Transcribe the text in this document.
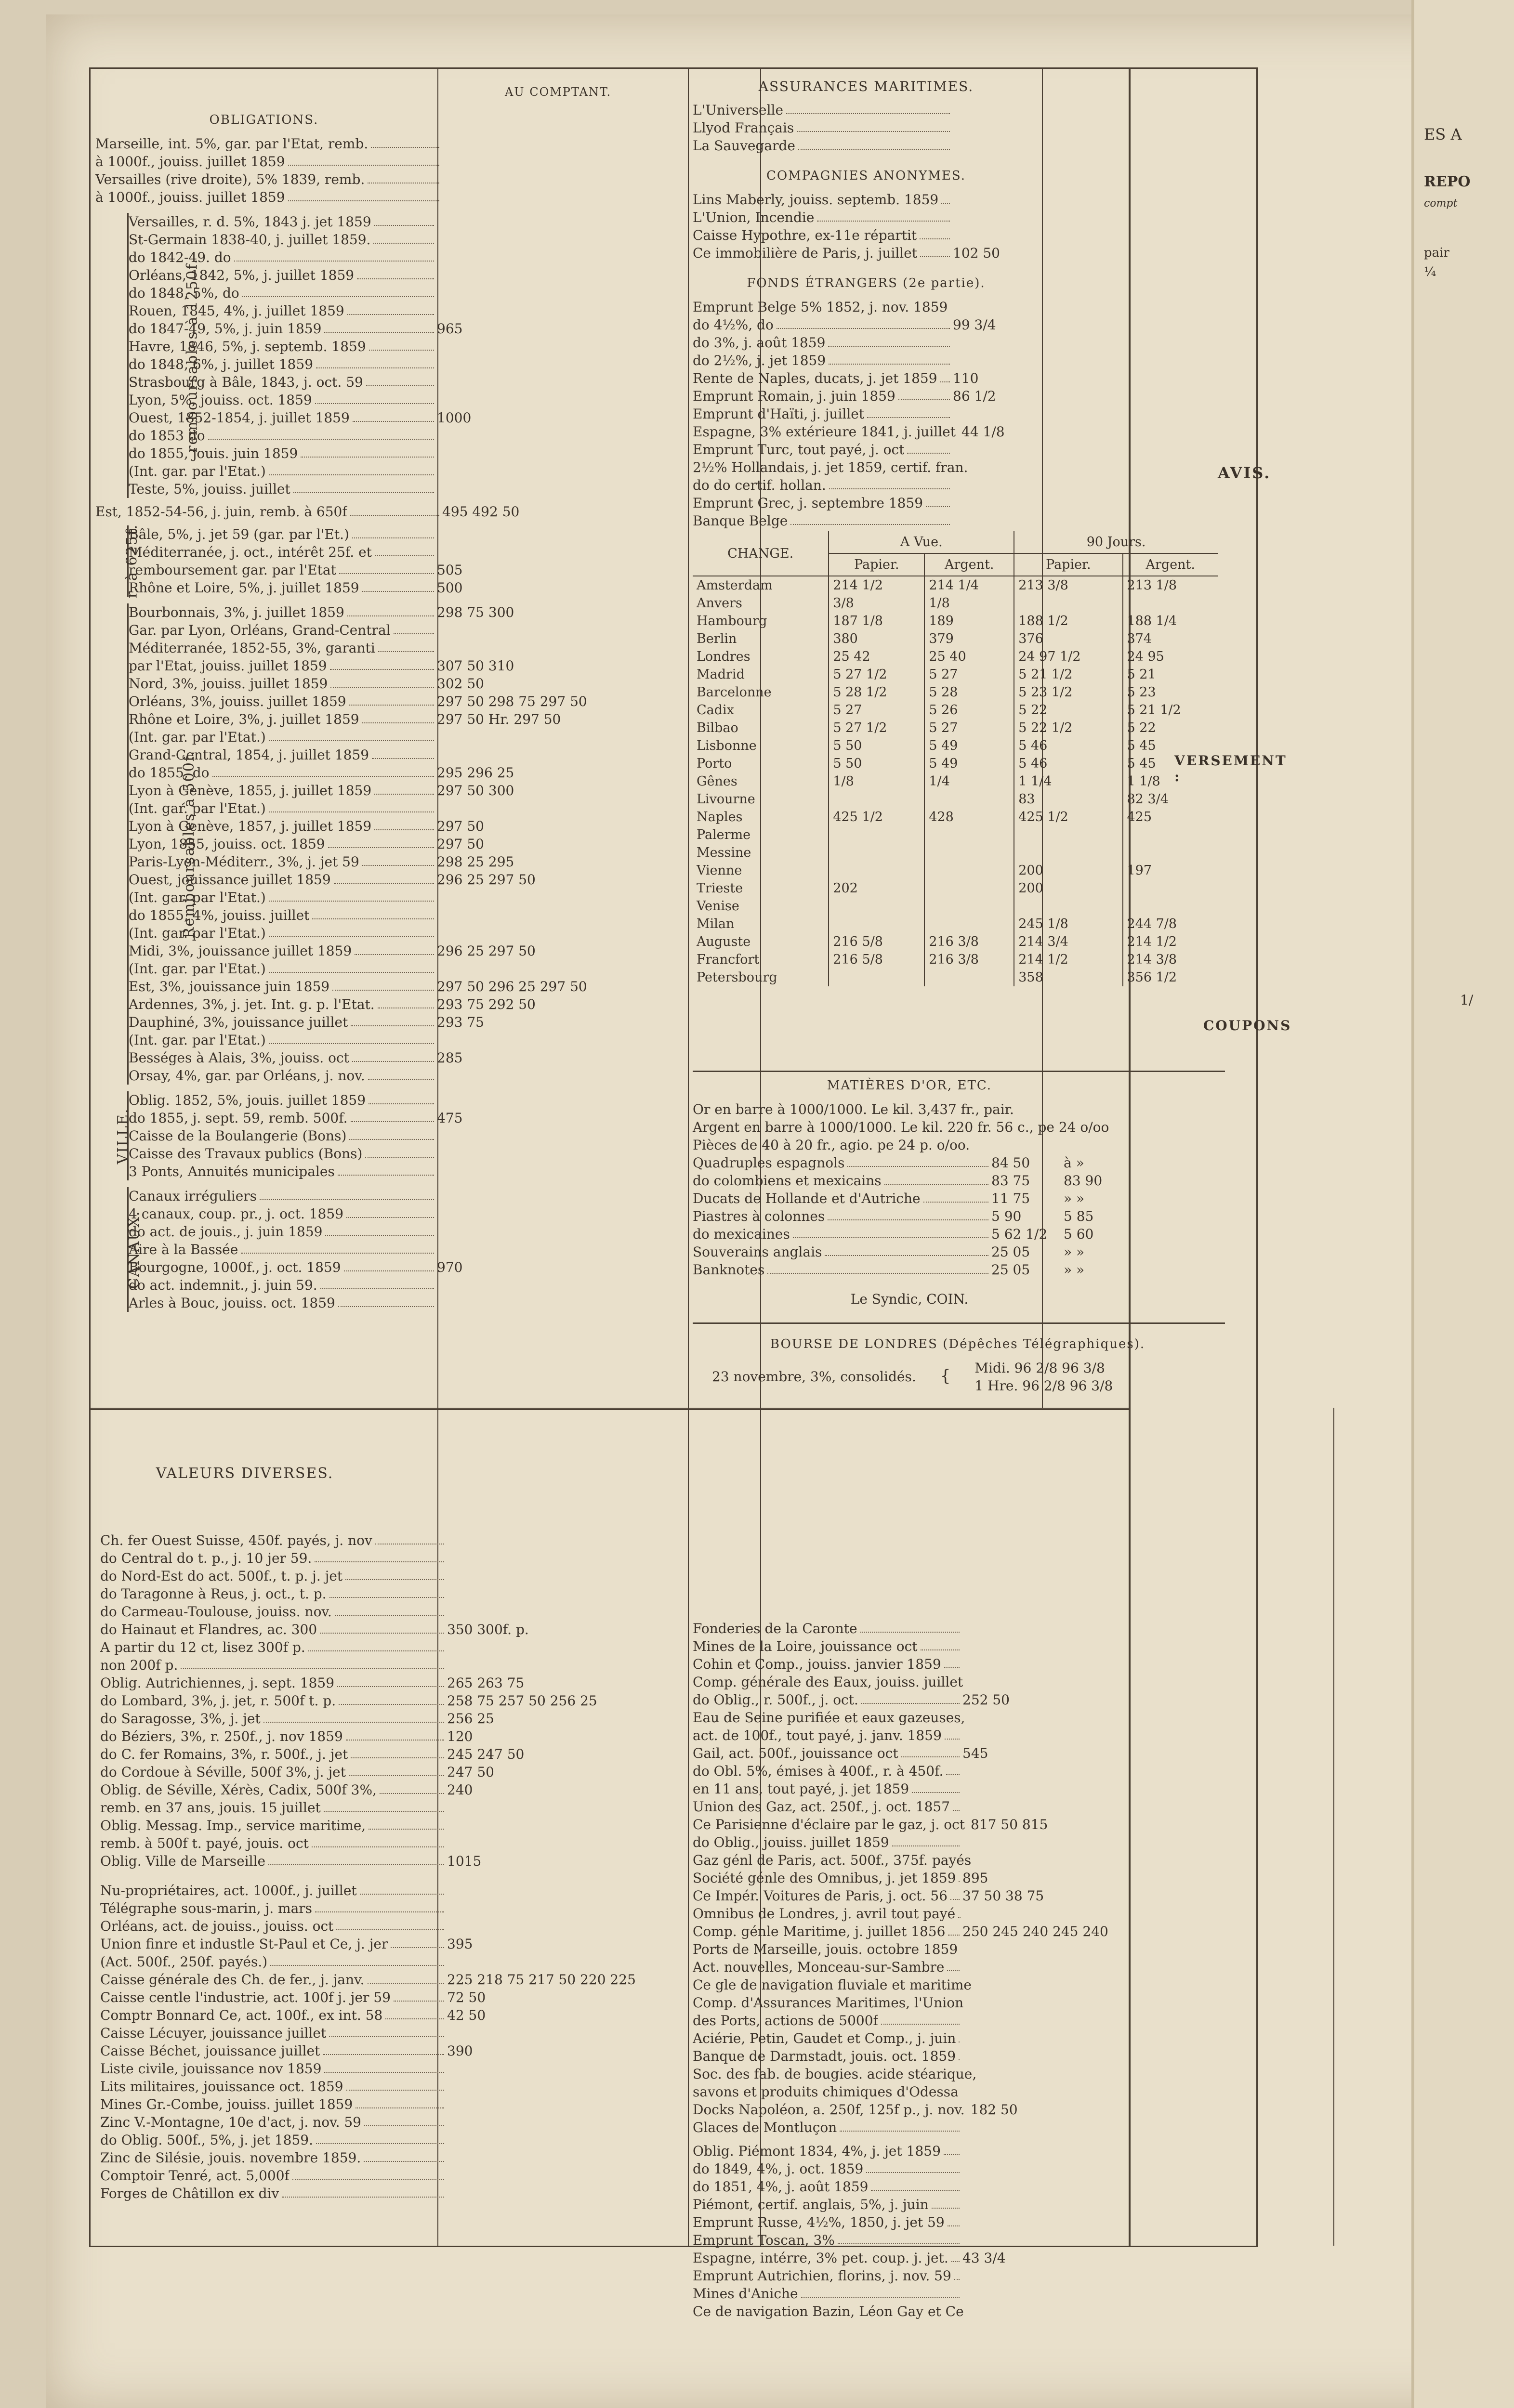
ES A
REPO
compt
pair
¼
1/
AU COMPTANT.
OBLIGATIONS.
Marseille, int. 5%, gar. par l'Etat, remb.
à 1000f., jouiss. juillet 1859
Versailles (rive droite), 5% 1839, remb.
à 1000f., jouiss. juillet 1859
remboursables à 1250f.
Versailles, r. d. 5%, 1843 j. jet 1859
St-Germain 1838-40, j. juillet 1859.
do 1842-49. do
Orléans, 1842, 5%, j. juillet 1859
do 1848, 5%, do
Rouen, 1845, 4%, j. juillet 1859
do 1847-49, 5%, j. juin 1859	965
Havre, 1846, 5%, j. septemb. 1859
do 1848, 6%, j. juillet 1859
Strasbourg à Bâle, 1843, j. oct. 59
Lyon, 5%, jouiss. oct. 1859
Ouest, 1852-1854, j. juillet 1859	1000
do 1853 do
do 1855, jouis. juin 1859
(Int. gar. par l'Etat.)
Teste, 5%, jouiss. juillet
Est, 1852-54-56, j. juin, remb. à 650f	495 492 50
r. à 625f.
Bâle, 5%, j. jet 59 (gar. par l'Et.)
Méditerranée, j. oct., intérêt 25f. et
remboursement gar. par l'Etat	505
Rhône et Loire, 5%, j. juillet 1859	500
Remboursables à 500f.
Bourbonnais, 3%, j. juillet 1859	298 75 300
Gar. par Lyon, Orléans, Grand-Central
Méditerranée, 1852-55, 3%, garanti
par l'Etat, jouiss. juillet 1859	307 50 310
Nord, 3%, jouiss. juillet 1859	302 50
Orléans, 3%, jouiss. juillet 1859	297 50 298 75 297 50
Rhône et Loire, 3%, j. juillet 1859	297 50 Hr. 297 50
(Int. gar. par l'Etat.)
Grand-Central, 1854, j. juillet 1859
do 1855, do	295 296 25
Lyon à Genève, 1855, j. juillet 1859	297 50 300
(Int. gar. par l'Etat.)
Lyon à Genève, 1857, j. juillet 1859	297 50
Lyon, 1855, jouiss. oct. 1859	297 50
Paris-Lyon-Méditerr., 3%, j. jet 59	298 25 295
Ouest, jouissance juillet 1859	296 25 297 50
(Int. gar. par l'Etat.)
do 1855, 4%, jouiss. juillet
(Int. gar. par l'Etat.)
Midi, 3%, jouissance juillet 1859	296 25 297 50
(Int. gar. par l'Etat.)
Est, 3%, jouissance juin 1859	297 50 296 25 297 50
Ardennes, 3%, j. jet. Int. g. p. l'Etat.	293 75 292 50
Dauphiné, 3%, jouissance juillet	293 75
(Int. gar. par l'Etat.)
Bességes à Alais, 3%, jouiss. oct	285
Orsay, 4%, gar. par Orléans, j. nov.
VILLE.
Oblig. 1852, 5%, jouis. juillet 1859
do 1855, j. sept. 59, remb. 500f.	475
Caisse de la Boulangerie (Bons)
Caisse des Travaux publics (Bons)
3 Ponts, Annuités municipales
CANAUX.
Canaux irréguliers
4 canaux, coup. pr., j. oct. 1859
do act. de jouis., j. juin 1859
Aire à la Bassée
Bourgogne, 1000f., j. oct. 1859	970
do act. indemnit., j. juin 59.
Arles à Bouc, jouiss. oct. 1859
ASSURANCES MARITIMES.
L'Universelle
Llyod Français
La Sauvegarde
COMPAGNIES ANONYMES.
Lins Maberly, jouiss. septemb. 1859
L'Union, Incendie
Caisse Hypothre, ex-11e répartit
Ce immobilière de Paris, j. juillet	102 50
FONDS ÉTRANGERS (2e partie).
Emprunt Belge 5% 1852, j. nov. 1859
do 4½%, do	99 3/4
do 3%, j. août 1859
do 2½%, j. jet 1859
Rente de Naples, ducats, j. jet 1859 110
Emprunt Romain, j. juin 1859	86 1/2
Emprunt d'Haïti, j. juillet
Espagne, 3% extérieure 1841, j. juillet 44 1/8
Emprunt Turc, tout payé, j. oct
2½% Hollandais, j. jet 1859, certif. fran.
do do certif. hollan.
Emprunt Grec, j. septembre 1859
Banque Belge
CHANGE.	A Vue.		90 Jours.	
	Papier.	Argent.	Papier.	Argent.
Amsterdam	214 1/2	214 1/4	213 3/8	213 1/8
Anvers	3/8	1/8		
Hambourg	187 1/8	189	188 1/2	188 1/4
Berlin	380	379	376	374
Londres	25 42	25 40	24 97 1/2	24 95
Madrid	5 27 1/2	5 27	5 21 1/2	5 21
Barcelonne	5 28 1/2	5 28	5 23 1/2	5 23
Cadix	5 27	5 26	5 22	5 21 1/2
Bilbao	5 27 1/2	5 27	5 22 1/2	5 22
Lisbonne	5 50	5 49	5 46	5 45
Porto	5 50	5 49	5 46	5 45
Gênes	1/8	1/4	1 1/4	1 1/8
Livourne			83	82 3/4
Naples	425 1/2	428	425 1/2	425
Palerme				
Messine				
Vienne			200	197
Trieste	202		200	
Venise				
Milan			245 1/8	244 7/8
Auguste	216 5/8	216 3/8	214 3/4	214 1/2
Francfort	216 5/8	216 3/8	214 1/2	214 3/8
Petersbourg			358	356 1/2
MATIÈRES D'OR, ETC.
Or en barre à 1000/1000. Le kil. 3,437 fr., pair.
Argent en barre à 1000/1000. Le kil. 220 fr. 56 c., pe 24 o/oo
Pièces de 40 à 20 fr., agio. pe 24 p. o/oo.
Quadruples espagnols	84 50	à »
do colombiens et mexicains	83 75	83 90
Ducats de Hollande et d'Autriche	11 75	» »
Piastres à colonnes	5 90	5 85
do mexicaines	5 62 1/2	5 60
Souverains anglais	25 05	» »
Banknotes	25 05	» »
Le Syndic, COIN.
BOURSE DE LONDRES (Dépêches Télégraphiques).
23 novembre, 3%, consolidés. { Midi. 96 2/8 96 3/8
1 Hre. 96 2/8 96 3/8
VALEURS DIVERSES.
Ch. fer Ouest Suisse, 450f. payés, j. nov
do Central do t. p., j. 10 jer 59.
do Nord-Est do act. 500f., t. p. j. jet
do Taragonne à Reus, j. oct., t. p.
do Carmeau-Toulouse, jouiss. nov.
do Hainaut et Flandres, ac. 300	350 300f. p.
A partir du 12 ct, lisez 300f p.
non 200f p.
Oblig. Autrichiennes, j. sept. 1859	265 263 75
do Lombard, 3%, j. jet, r. 500f t. p.	258 75 257 50 256 25
do Saragosse, 3%, j. jet	256 25
do Béziers, 3%, r. 250f., j. nov 1859	120
do C. fer Romains, 3%, r. 500f., j. jet	245 247 50
do Cordoue à Séville, 500f 3%, j. jet	247 50
Oblig. de Séville, Xérès, Cadix, 500f 3%,	240
remb. en 37 ans, jouis. 15 juillet
Oblig. Messag. Imp., service maritime,
remb. à 500f t. payé, jouis. oct
Oblig. Ville de Marseille	1015
Nu-propriétaires, act. 1000f., j. juillet
Télégraphe sous-marin, j. mars
Orléans, act. de jouiss., jouiss. oct
Union finre et industle St-Paul et Ce, j. jer	395
(Act. 500f., 250f. payés.)
Caisse générale des Ch. de fer., j. janv.	225 218 75 217 50 220 225
Caisse centle l'industrie, act. 100f j. jer 59	72 50
Comptr Bonnard Ce, act. 100f., ex int. 58	42 50
Caisse Lécuyer, jouissance juillet
Caisse Béchet, jouissance juillet	390
Liste civile, jouissance nov 1859
Lits militaires, jouissance oct. 1859
Mines Gr.-Combe, jouiss. juillet 1859
Zinc V.-Montagne, 10e d'act, j. nov. 59
do Oblig. 500f., 5%, j. jet 1859.
Zinc de Silésie, jouis. novembre 1859.
Comptoir Tenré, act. 5,000f
Forges de Châtillon ex div
Fonderies de la Caronte
Mines de la Loire, jouissance oct
Cohin et Comp., jouiss. janvier 1859
Comp. générale des Eaux, jouiss. juillet
do Oblig., r. 500f., j. oct.	252 50
Eau de Seine purifiée et eaux gazeuses,
act. de 100f., tout payé, j. janv. 1859
Gail, act. 500f., jouissance oct	545
do Obl. 5%, émises à 400f., r. à 450f.
en 11 ans, tout payé, j. jet 1859
Union des Gaz, act. 250f., j. oct. 1857
Ce Parisienne d'éclaire par le gaz, j. oct 817 50 815
do Oblig., jouiss. juillet 1859
Gaz génl de Paris, act. 500f., 375f. payés
Société génle des Omnibus, j. jet 1859 895
Ce Impér. Voitures de Paris, j. oct. 56 37 50 38 75
Omnibus de Londres, j. avril tout payé
Comp. génle Maritime, j. juillet 1856 250 245 240 245 240
Ports de Marseille, jouis. octobre 1859
Act. nouvelles, Monceau-sur-Sambre
Ce gle de navigation fluviale et maritime
Comp. d'Assurances Maritimes, l'Union
des Ports, actions de 5000f
Aciérie, Petin, Gaudet et Comp., j. juin
Banque de Darmstadt, jouis. oct. 1859
Soc. des fab. de bougies. acide stéarique,
savons et produits chimiques d'Odessa
Docks Napoléon, a. 250f, 125f p., j. nov. 182 50
Glaces de Montluçon
Oblig. Piémont 1834, 4%, j. jet 1859
do 1849, 4%, j. oct. 1859
do 1851, 4%, j. août 1859
Piémont, certif. anglais, 5%, j. juin
Emprunt Russe, 4½%, 1850, j. jet 59
Emprunt Toscan, 3%
Espagne, intérre, 3% pet. coup. j. jet. 43 3/4
Emprunt Autrichien, florins, j. nov. 59
Mines d'Aniche
Ce de navigation Bazin, Léon Gay et Ce
AVIS.
VERSEMENT :
COUPONS
